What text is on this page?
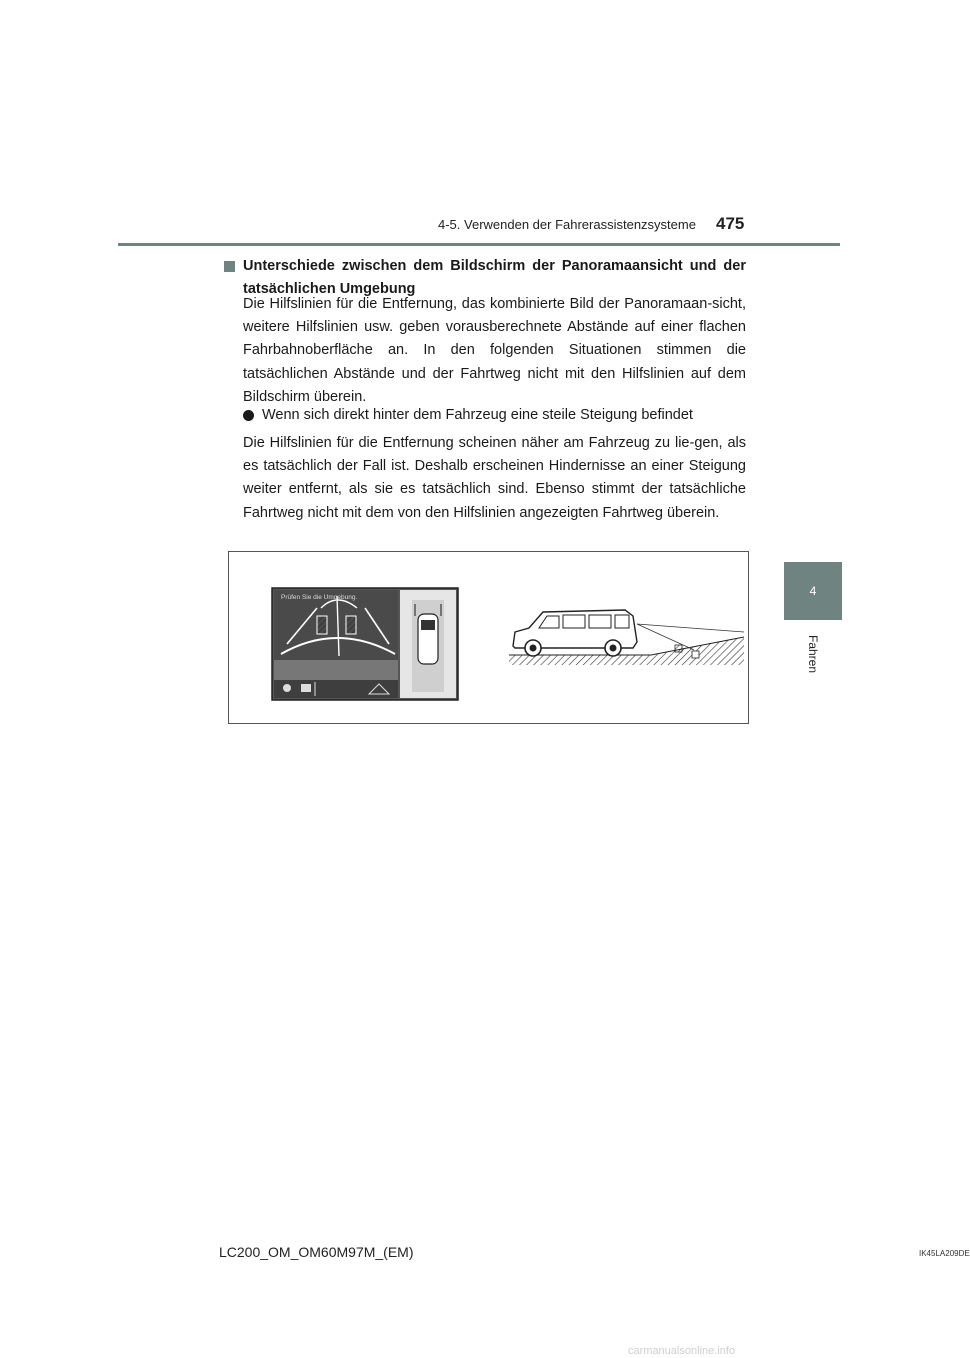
4-5. Verwenden der Fahrerassistenzsysteme 475
4
Fahren
Unterschiede zwischen dem Bildschirm der Panoramaansicht und der tatsächlichen Umgebung
Die Hilfslinien für die Entfernung, das kombinierte Bild der Panoramaan-sicht, weitere Hilfslinien usw. geben vorausberechnete Abstände auf einer flachen Fahrbahnoberfläche an. In den folgenden Situationen stimmen die tatsächlichen Abstände und der Fahrtweg nicht mit den Hilfslinien auf dem Bildschirm überein.
Wenn sich direkt hinter dem Fahrzeug eine steile Steigung befindet
Die Hilfslinien für die Entfernung scheinen näher am Fahrzeug zu lie-gen, als es tatsächlich der Fall ist. Deshalb erscheinen Hindernisse an einer Steigung weiter entfernt, als sie es tatsächlich sind. Ebenso stimmt der tatsächliche Fahrtweg nicht mit dem von den Hilfslinien angezeigten Fahrtweg überein.
Prüfen Sie die Umgebung.
IK45LA209DE
LC200_OM_OM60M97M_(EM)
carmanualsonline.info
